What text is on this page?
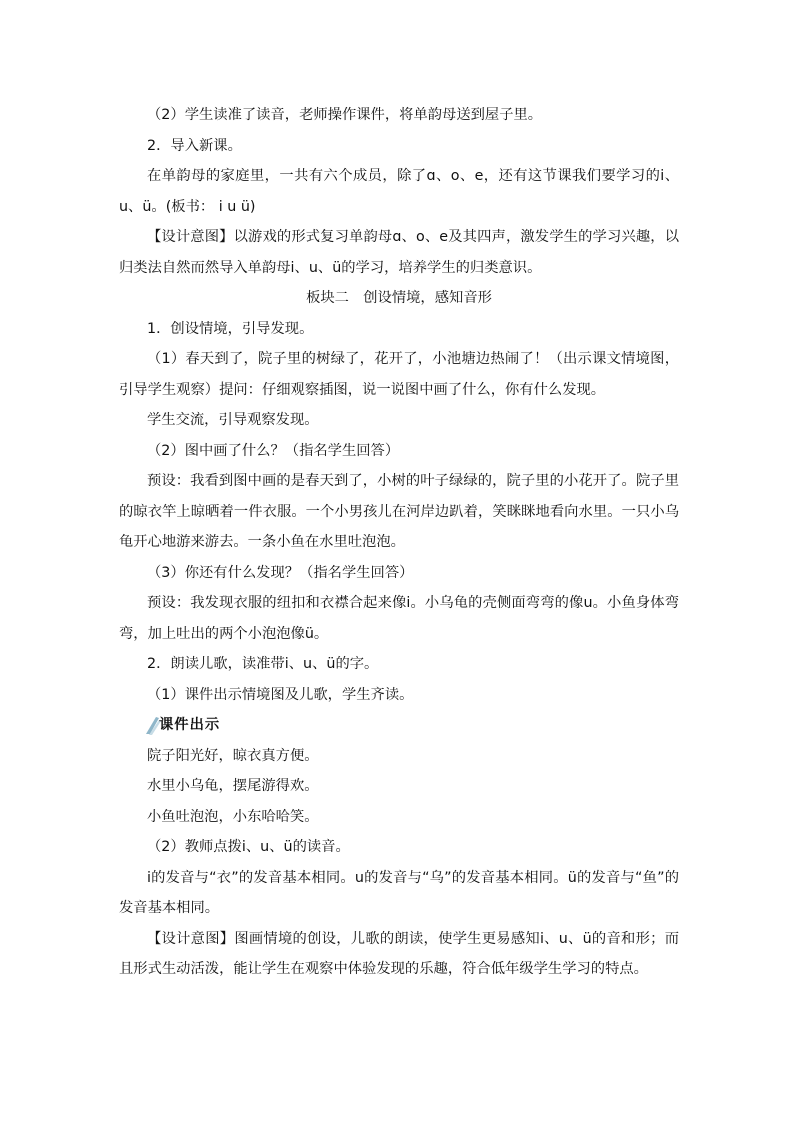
（2）学生读准了读音，老师操作课件，将单韵母送到屋子里。

2．导入新课。

在单韵母的家庭里，一共有六个成员，除了ɑ、o、e，还有这节课我们要学习的i、u、ü。(板书： i u ü)

【设计意图】以游戏的形式复习单韵母ɑ、o、e及其四声，激发学生的学习兴趣，以归类法自然而然导入单韵母i、u、ü的学习，培养学生的归类意识。

板块二　创设情境，感知音形

1．创设情境，引导发现。

（1）春天到了，院子里的树绿了，花开了，小池塘边热闹了！（出示课文情境图，引导学生观察）提问：仔细观察插图，说一说图中画了什么，你有什么发现。

学生交流，引导观察发现。

（2）图中画了什么？（指名学生回答）

预设：我看到图中画的是春天到了，小树的叶子绿绿的，院子里的小花开了。院子里的晾衣竿上晾晒着一件衣服。一个小男孩儿在河岸边趴着，笑眯眯地看向水里。一只小乌龟开心地游来游去。一条小鱼在水里吐泡泡。

（3）你还有什么发现？（指名学生回答）

预设：我发现衣服的纽扣和衣襟合起来像i。小乌龟的壳侧面弯弯的像u。小鱼身体弯弯，加上吐出的两个小泡泡像ü。

2．朗读儿歌，读准带i、u、ü的字。

（1）课件出示情境图及儿歌，学生齐读。

课件出示

院子阳光好，晾衣真方便。

水里小乌龟，摆尾游得欢。

小鱼吐泡泡，小东哈哈笑。

（2）教师点拨i、u、ü的读音。

i的发音与“衣”的发音基本相同。u的发音与“乌”的发音基本相同。ü的发音与“鱼”的发音基本相同。

【设计意图】图画情境的创设，儿歌的朗读，使学生更易感知i、u、ü的音和形；而且形式生动活泼，能让学生在观察中体验发现的乐趣，符合低年级学生学习的特点。
